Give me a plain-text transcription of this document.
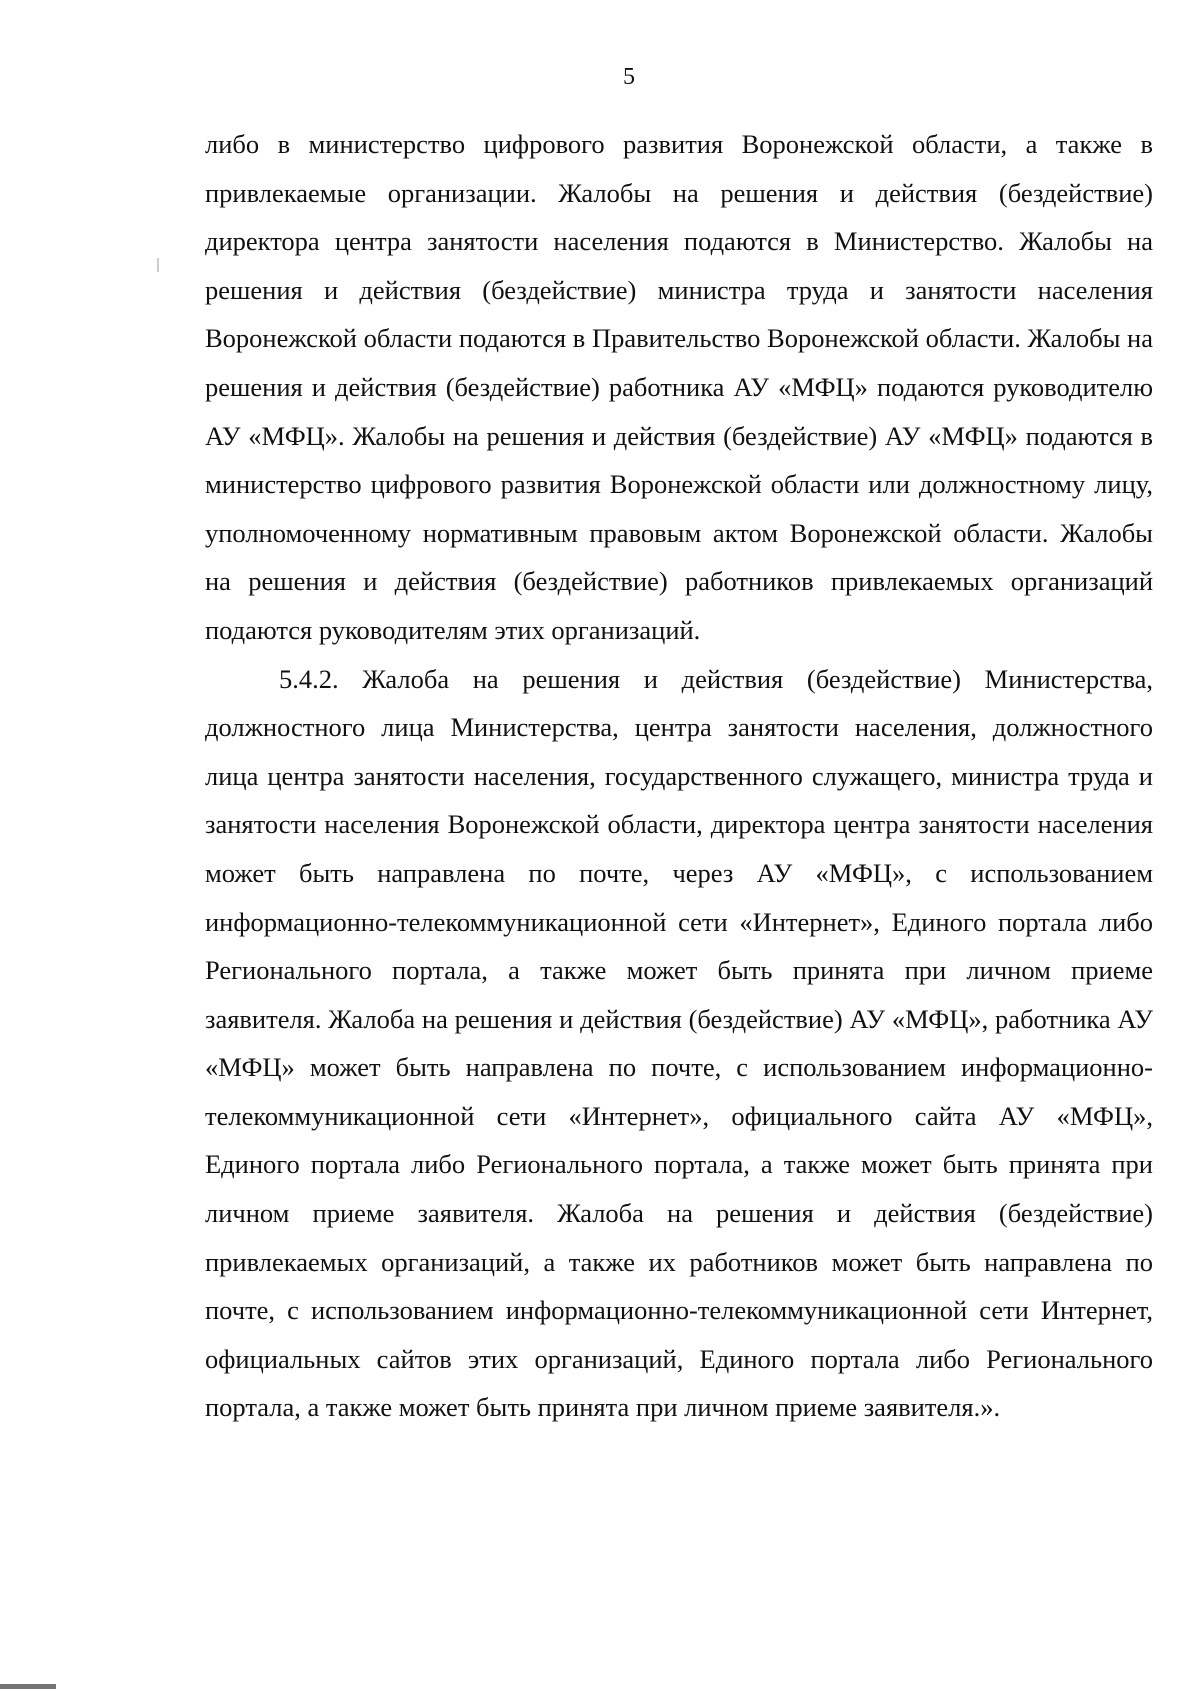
5

либо в министерство цифрового развития Воронежской области, а также в привлекаемые организации. Жалобы на решения и действия (бездействие) директора центра занятости населения подаются в Министерство. Жалобы на решения и действия (бездействие) министра труда и занятости населения Воронежской области подаются в Правительство Воронежской области. Жалобы на решения и действия (бездействие) работника АУ «МФЦ» подаются руководителю АУ «МФЦ». Жалобы на решения и действия (бездействие) АУ «МФЦ» подаются в министерство цифрового развития Воронежской области или должностному лицу, уполномоченному нормативным правовым актом Воронежской области. Жалобы на решения и действия (бездействие) работников привлекаемых организаций подаются руководителям этих организаций.

5.4.2. Жалоба на решения и действия (бездействие) Министерства, должностного лица Министерства, центра занятости населения, должностного лица центра занятости населения, государственного служащего, министра труда и занятости населения Воронежской области, директора центра занятости населения может быть направлена по почте, через АУ «МФЦ», с использованием информационно-телекоммуникационной сети «Интернет», Единого портала либо Регионального портала, а также может быть принята при личном приеме заявителя. Жалоба на решения и действия (бездействие) АУ «МФЦ», работника АУ «МФЦ» может быть направлена по почте, с использованием информационно-телекоммуникационной сети «Интернет», официального сайта АУ «МФЦ», Единого портала либо Регионального портала, а также может быть принята при личном приеме заявителя. Жалоба на решения и действия (бездействие) привлекаемых организаций, а также их работников может быть направлена по почте, с использованием информационно-телекоммуникационной сети Интернет, официальных сайтов этих организаций, Единого портала либо Регионального портала, а также может быть принята при личном приеме заявителя.».
